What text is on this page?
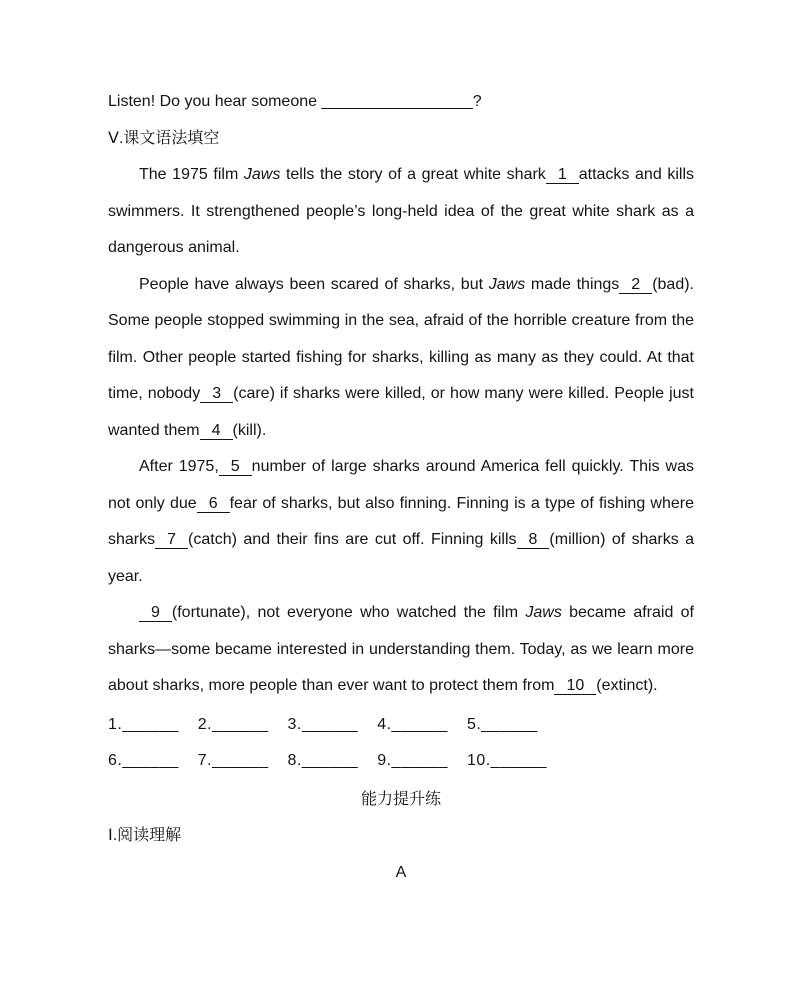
Listen! Do you hear someone _________________?

Ⅴ.课文语法填空

The 1975 film Jaws tells the story of a great white shark 1 attacks and kills swimmers. It strengthened people’s long-held idea of the great white shark as a dangerous animal.

People have always been scared of sharks, but Jaws made things 2 (bad). Some people stopped swimming in the sea, afraid of the horrible creature from the film. Other people started fishing for sharks, killing as many as they could. At that time, nobody 3 (care) if sharks were killed, or how many were killed. People just wanted them 4 (kill).

After 1975, 5 number of large sharks around America fell quickly. This was not only due 6 fear of sharks, but also finning. Finning is a type of fishing where sharks 7 (catch) and their fins are cut off. Finning kills 8 (million) of sharks a year.

9 (fortunate), not everyone who watched the film Jaws became afraid of sharks—some became interested in understanding them. Today, as we learn more about sharks, more people than ever want to protect them from 10 (extinct).

1.______ 2.______ 3.______ 4.______ 5.______

6.______ 7.______ 8.______ 9.______ 10.______

能力提升练

Ⅰ.阅读理解

A
